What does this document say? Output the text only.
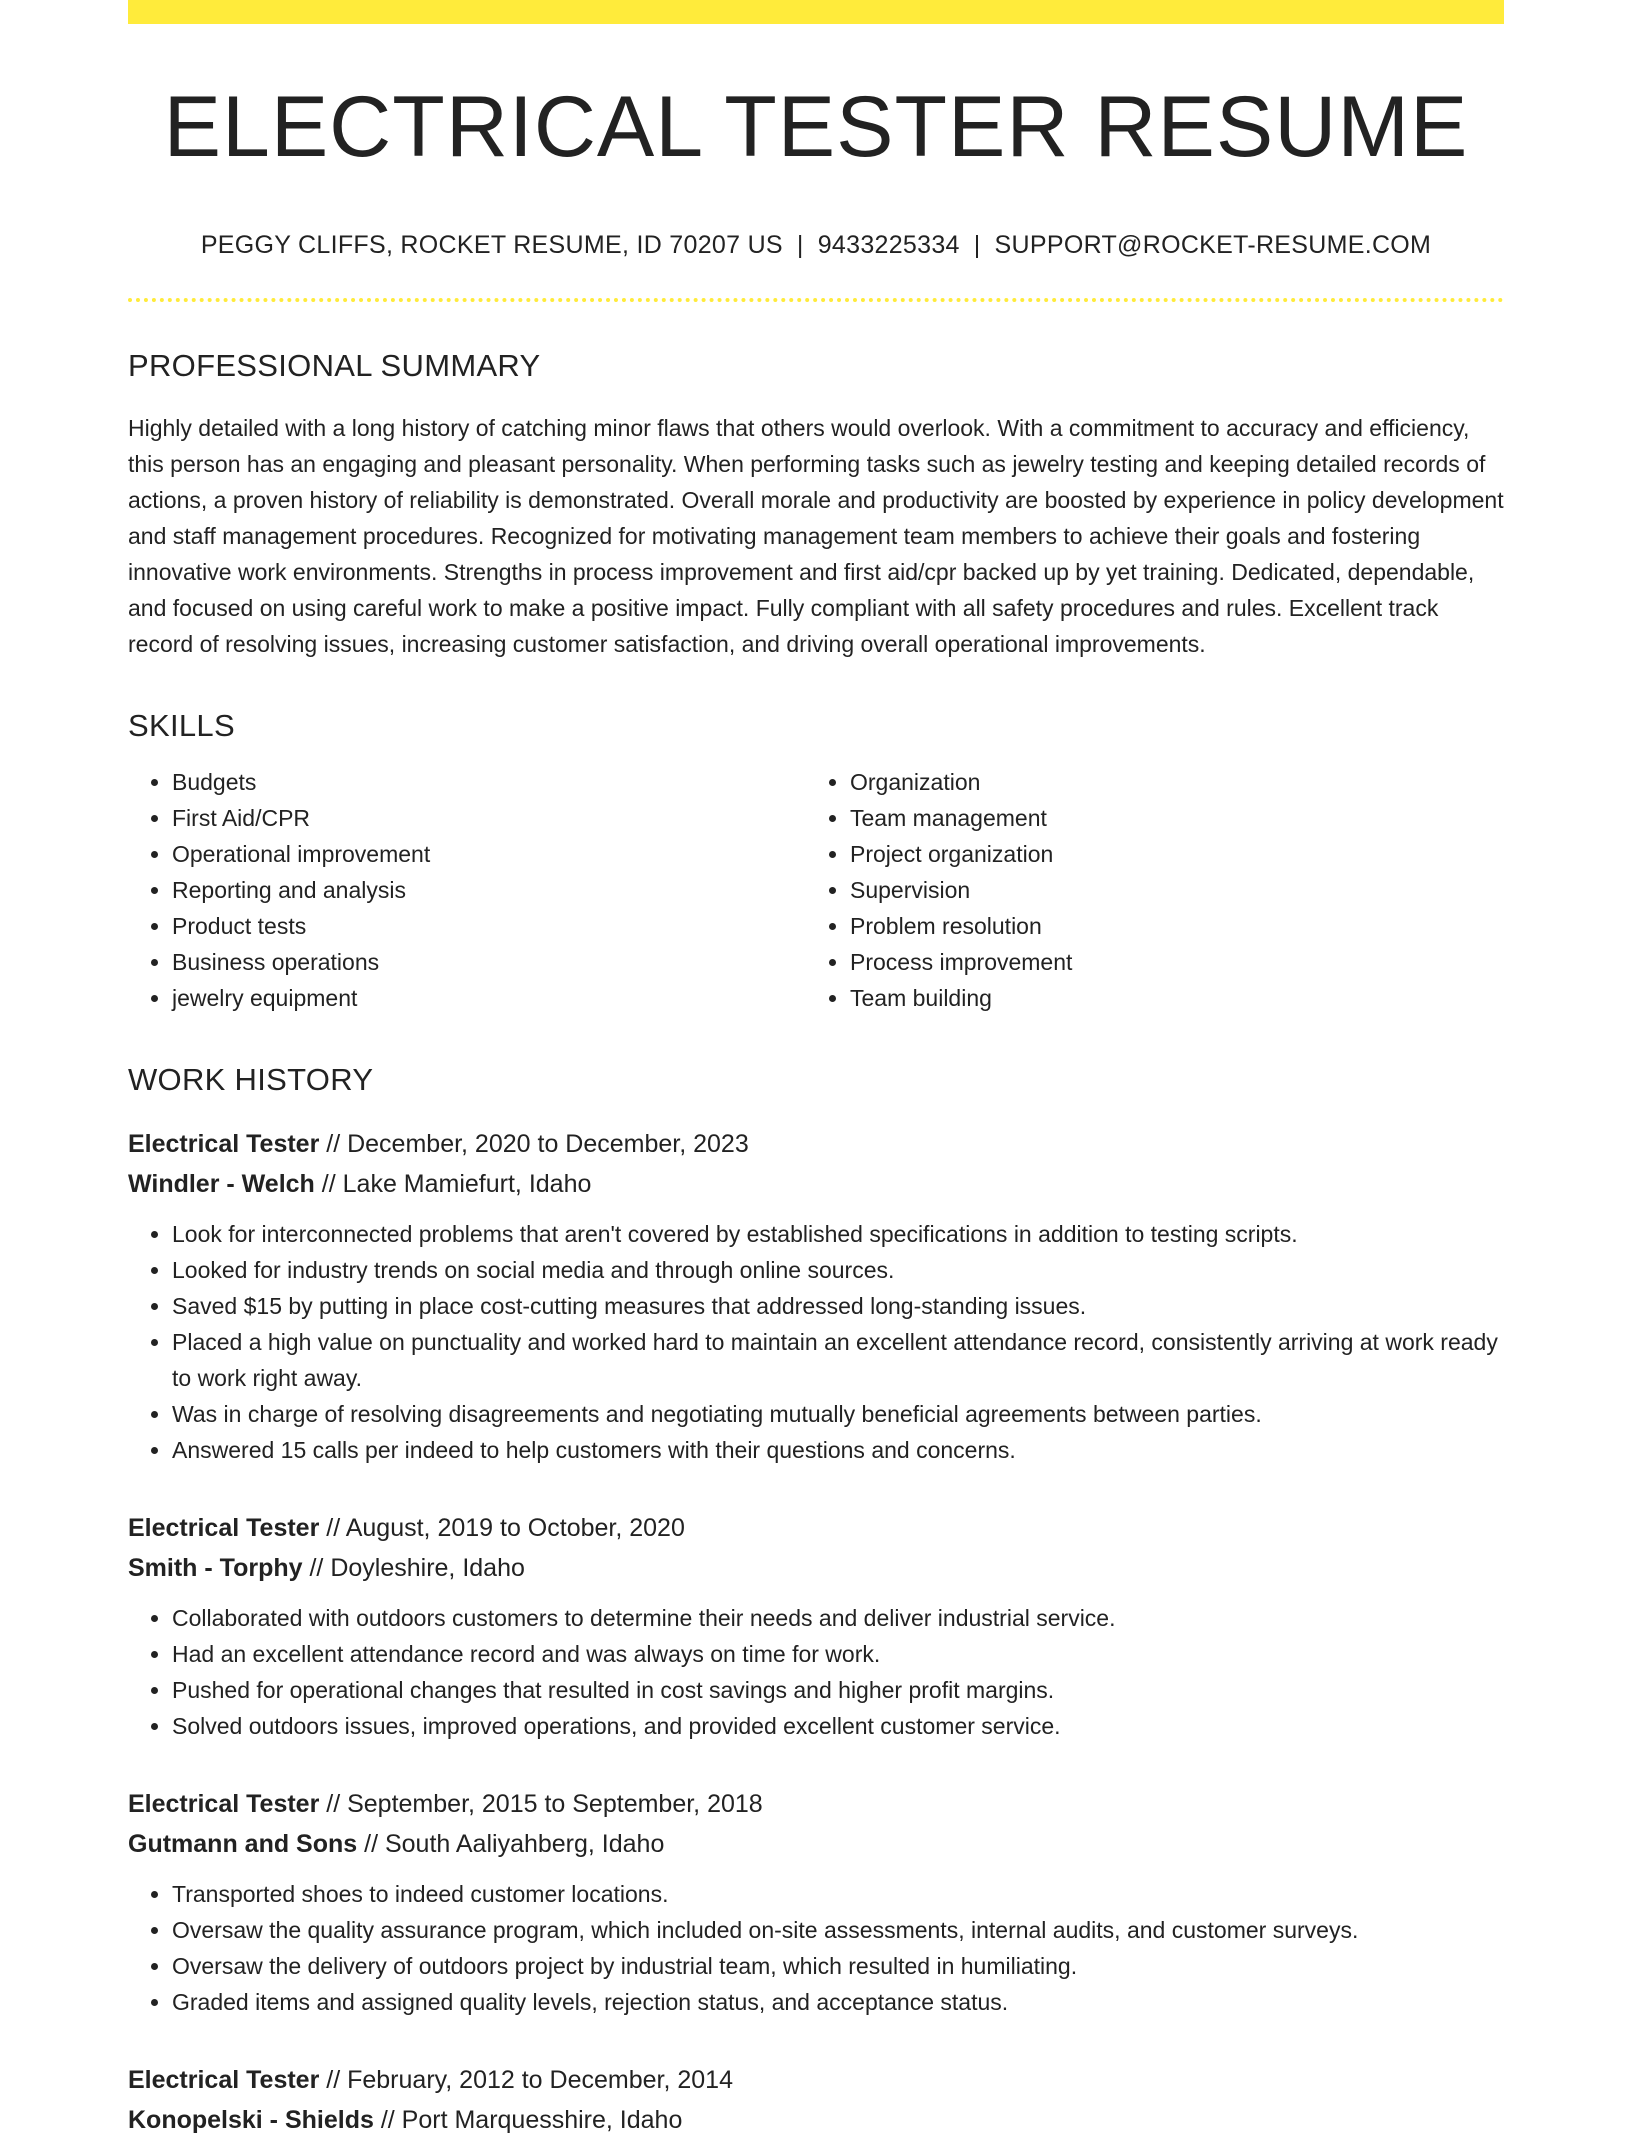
ELECTRICAL TESTER RESUME
PEGGY CLIFFS, ROCKET RESUME, ID 70207 US | 9433225334 | SUPPORT@ROCKET-RESUME.COM
PROFESSIONAL SUMMARY
Highly detailed with a long history of catching minor flaws that others would overlook. With a commitment to accuracy and efficiency, this person has an engaging and pleasant personality. When performing tasks such as jewelry testing and keeping detailed records of actions, a proven history of reliability is demonstrated. Overall morale and productivity are boosted by experience in policy development and staff management procedures. Recognized for motivating management team members to achieve their goals and fostering innovative work environments. Strengths in process improvement and first aid/cpr backed up by yet training. Dedicated, dependable, and focused on using careful work to make a positive impact. Fully compliant with all safety procedures and rules. Excellent track record of resolving issues, increasing customer satisfaction, and driving overall operational improvements.
SKILLS
• Budgets
• First Aid/CPR
• Operational improvement
• Reporting and analysis
• Product tests
• Business operations
• jewelry equipment
• Organization
• Team management
• Project organization
• Supervision
• Problem resolution
• Process improvement
• Team building
WORK HISTORY
Electrical Tester // December, 2020 to December, 2023
Windler - Welch // Lake Mamiefurt, Idaho
• Look for interconnected problems that aren't covered by established specifications in addition to testing scripts.
• Looked for industry trends on social media and through online sources.
• Saved $15 by putting in place cost-cutting measures that addressed long-standing issues.
• Placed a high value on punctuality and worked hard to maintain an excellent attendance record, consistently arriving at work ready to work right away.
• Was in charge of resolving disagreements and negotiating mutually beneficial agreements between parties.
• Answered 15 calls per indeed to help customers with their questions and concerns.
Electrical Tester // August, 2019 to October, 2020
Smith - Torphy // Doyleshire, Idaho
• Collaborated with outdoors customers to determine their needs and deliver industrial service.
• Had an excellent attendance record and was always on time for work.
• Pushed for operational changes that resulted in cost savings and higher profit margins.
• Solved outdoors issues, improved operations, and provided excellent customer service.
Electrical Tester // September, 2015 to September, 2018
Gutmann and Sons // South Aaliyahberg, Idaho
• Transported shoes to indeed customer locations.
• Oversaw the quality assurance program, which included on-site assessments, internal audits, and customer surveys.
• Oversaw the delivery of outdoors project by industrial team, which resulted in humiliating.
• Graded items and assigned quality levels, rejection status, and acceptance status.
Electrical Tester // February, 2012 to December, 2014
Konopelski - Shields // Port Marquesshire, Idaho
